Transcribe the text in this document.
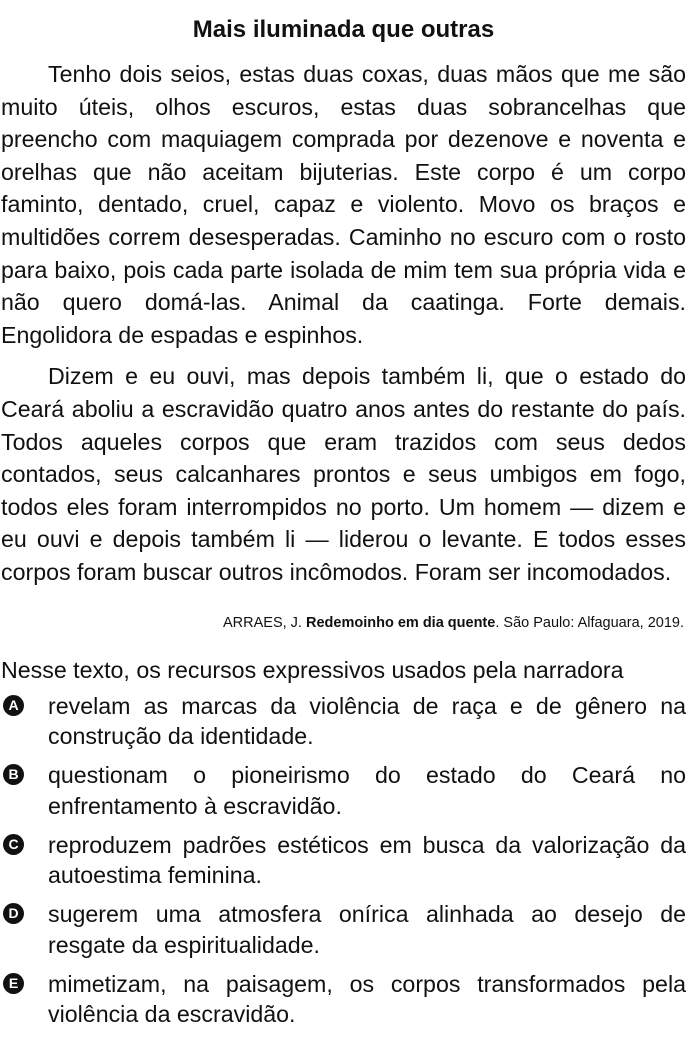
Mais iluminada que outras

Tenho dois seios, estas duas coxas, duas mãos que me são muito úteis, olhos escuros, estas duas sobrancelhas que preencho com maquiagem comprada por dezenove e noventa e orelhas que não aceitam bijuterias. Este corpo é um corpo faminto, dentado, cruel, capaz e violento. Movo os braços e multidões correm desesperadas. Caminho no escuro com o rosto para baixo, pois cada parte isolada de mim tem sua própria vida e não quero domá-las. Animal da caatinga. Forte demais. Engolidora de espadas e espinhos.

Dizem e eu ouvi, mas depois também li, que o estado do Ceará aboliu a escravidão quatro anos antes do restante do país. Todos aqueles corpos que eram trazidos com seus dedos contados, seus calcanhares prontos e seus umbigos em fogo, todos eles foram interrompidos no porto. Um homem — dizem e eu ouvi e depois também li — liderou o levante. E todos esses corpos foram buscar outros incômodos. Foram ser incomodados.

ARRAES, J. Redemoinho em dia quente. São Paulo: Alfaguara, 2019.
Nesse texto, os recursos expressivos usados pela narradora
A revelam as marcas da violência de raça e de gênero na construção da identidade.
B questionam o pioneirismo do estado do Ceará no enfrentamento à escravidão.
C reproduzem padrões estéticos em busca da valorização da autoestima feminina.
D sugerem uma atmosfera onírica alinhada ao desejo de resgate da espiritualidade.
E mimetizam, na paisagem, os corpos transformados pela violência da escravidão.
